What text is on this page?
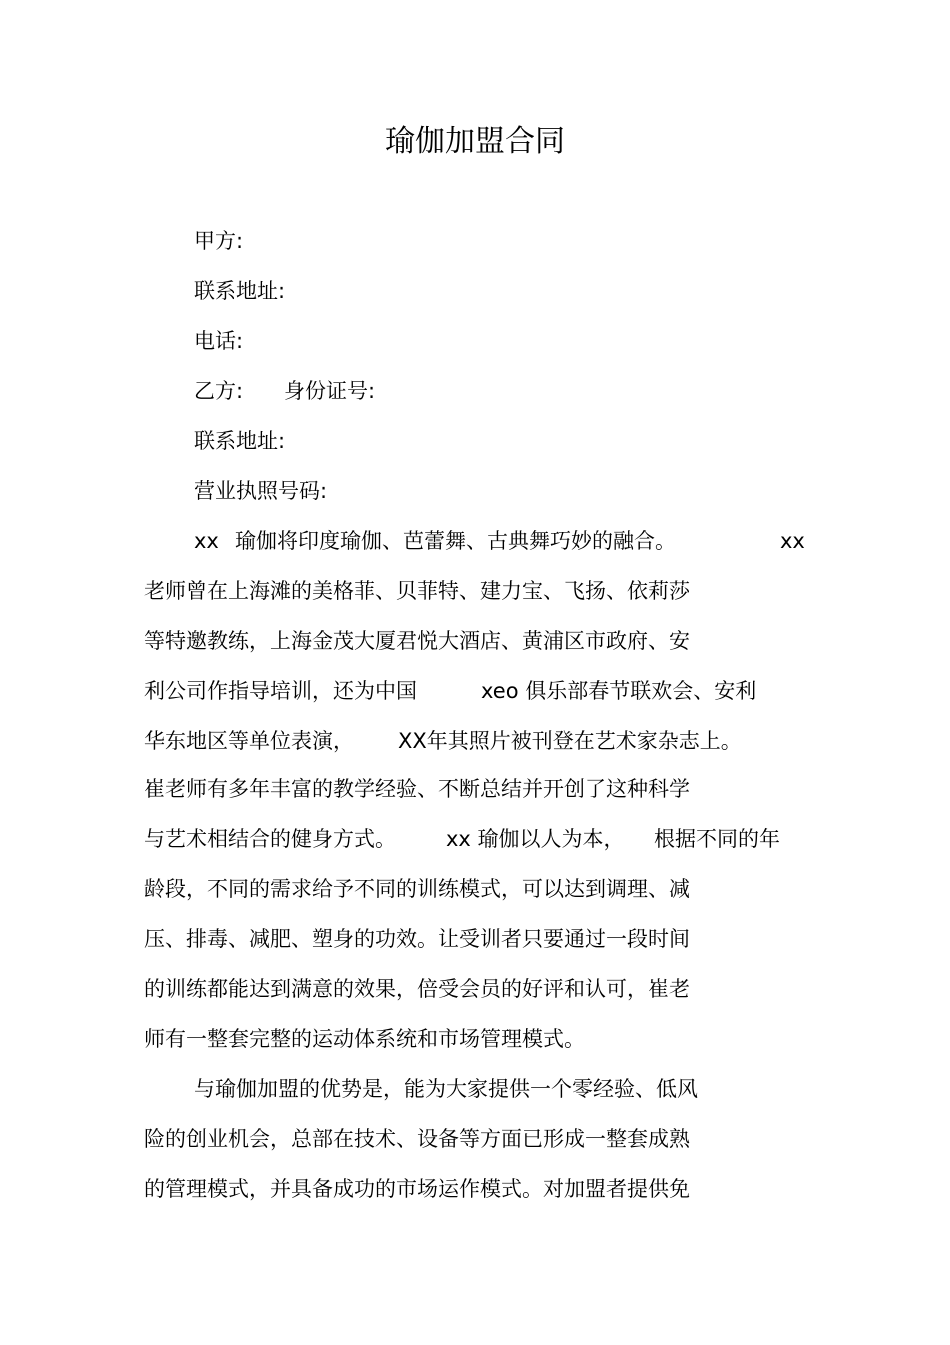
瑜伽加盟合同

甲方:

联系地址:

电话:

乙方: 身份证号:

联系地址:

营业执照号码:

xx 瑜伽将印度瑜伽、芭蕾舞、古典舞巧妙的融合。	xx

老师曾在上海滩的美格菲、贝菲特、建力宝、飞扬、依莉莎

等特邀教练，上海金茂大厦君悦大酒店、黄浦区市政府、安

利公司作指导培训，还为中国	xeo 俱乐部春节联欢会、安利
华东地区等单位表演， XX年其照片被刊登在艺术家杂志上。

崔老师有多年丰富的教学经验、不断总结并开创了这种科学

与艺术相结合的健身方式。 xx 瑜伽以人为本， 根据不同的年

龄段，不同的需求给予不同的训练模式，可以达到调理、减

压、排毒、减肥、塑身的功效。让受训者只要通过一段时间

的训练都能达到满意的效果，倍受会员的好评和认可，崔老

师有一整套完整的运动体系统和市场管理模式。

与瑜伽加盟的优势是，能为大家提供一个零经验、低风

险的创业机会，总部在技术、设备等方面已形成一整套成熟

的管理模式，并具备成功的市场运作模式。对加盟者提供免
